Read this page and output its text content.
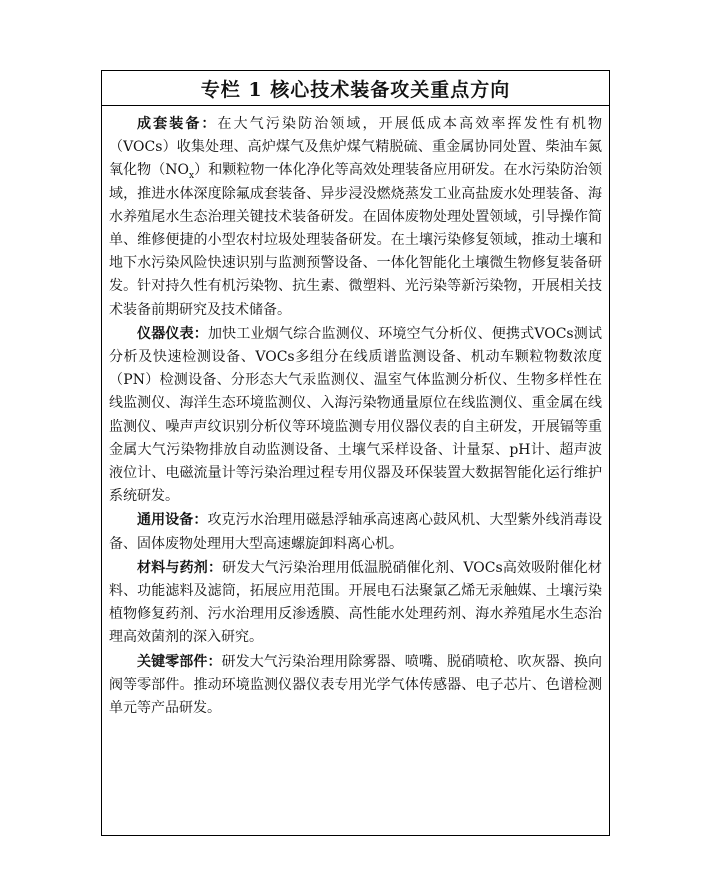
专栏 1 核心技术装备攻关重点方向

成套装备：在大气污染防治领域，开展低成本高效率挥发性有机物（VOCs）收集处理、高炉煤气及焦炉煤气精脱硫、重金属协同处置、柴油车氮氧化物$(NO_x)$和颗粒物一体化净化等高效处理装备应用研发。在水污染防治领域，推进水体深度除氟成套装备、异步浸没燃烧蒸发工业高盐废水处理装备、海水养殖尾水生态治理关键技术装备研发。在固体废物处理处置领域，引导操作简单、维修便捷的小型农村垃圾处理装备研发。在土壤污染修复领域，推动土壤和地下水污染风险快速识别与监测预警设备、一体化智能化土壤微生物修复装备研发。针对持久性有机污染物、抗生素、微塑料、光污染等新污染物，开展相关技术装备前期研究及技术储备。

仪器仪表：加快工业烟气综合监测仪、环境空气分析仪、便携式VOCs测试分析及快速检测设备、VOCs多组分在线质谱监测设备、机动车颗粒物数浓度（PN）检测设备、分形态大气汞监测仪、温室气体监测分析仪、生物多样性在线监测仪、海洋生态环境监测仪、入海污染物通量原位在线监测仪、重金属在线监测仪、噪声声纹识别分析仪等环境监测专用仪器仪表的自主研发，开展镉等重金属大气污染物排放自动监测设备、土壤气采样设备、计量泵、pH计、超声波液位计、电磁流量计等污染治理过程专用仪器及环保装置大数据智能化运行维护系统研发。

通用设备：攻克污水治理用磁悬浮轴承高速离心鼓风机、大型紫外线消毒设备、固体废物处理用大型高速螺旋卸料离心机。

材料与药剂：研发大气污染治理用低温脱硝催化剂、VOCs高效吸附催化材料、功能滤料及滤筒，拓展应用范围。开展电石法聚氯乙烯无汞触媒、土壤污染植物修复药剂、污水治理用反渗透膜、高性能水处理药剂、海水养殖尾水生态治理高效菌剂的深入研究。

关键零部件：研发大气污染治理用除雾器、喷嘴、脱硝喷枪、吹灰器、换向阀等零部件。推动环境监测仪器仪表专用光学气体传感器、电子芯片、色谱检测单元等产品研发。
